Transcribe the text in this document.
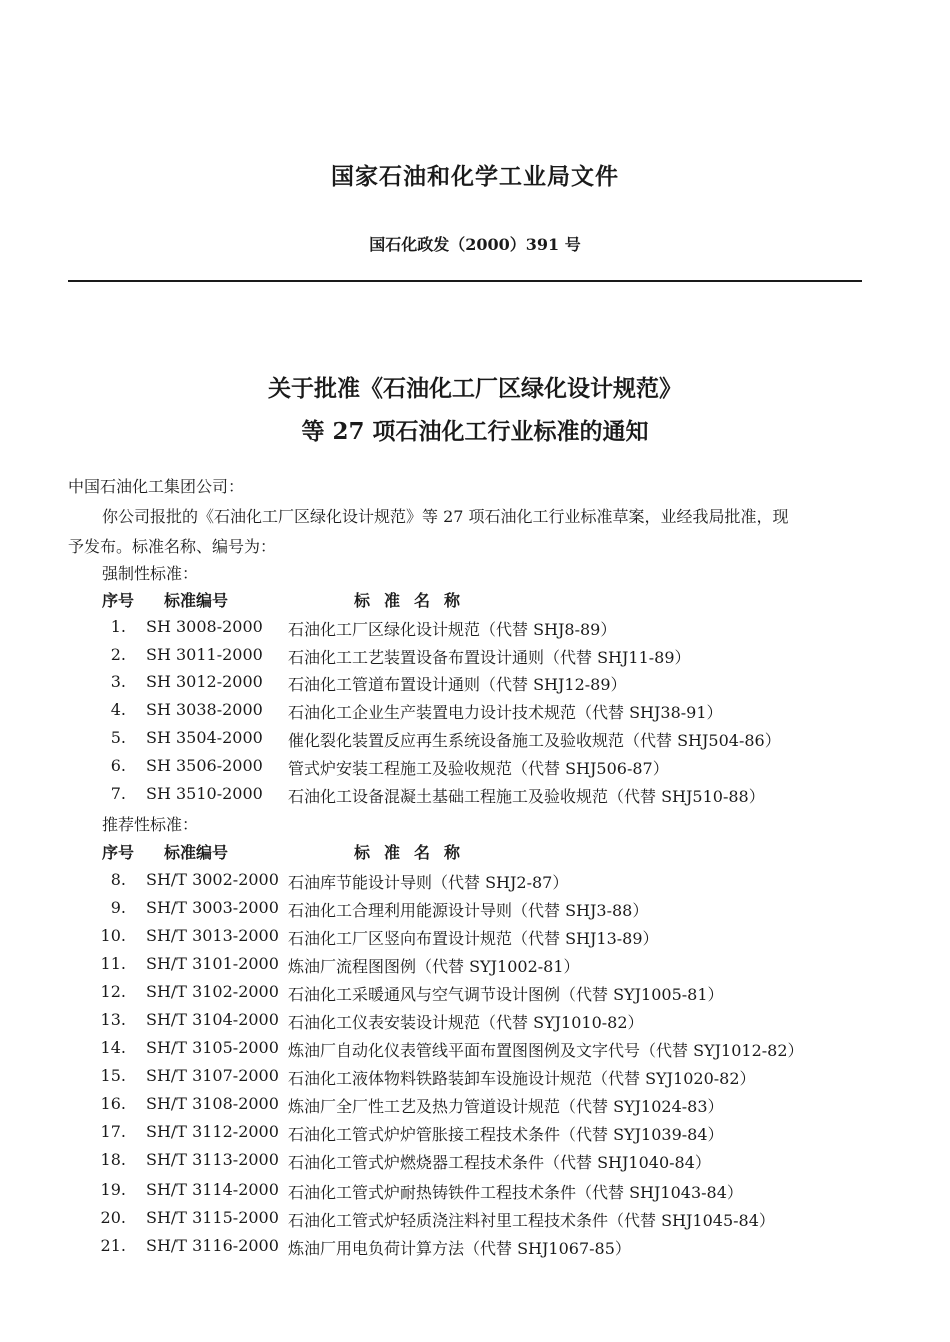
国家石油和化学工业局文件
国石化政发（2000）391 号
关于批准《石油化工厂区绿化设计规范》
等 27 项石油化工行业标准的通知
中国石油化工集团公司：
你公司报批的《石油化工厂区绿化设计规范》等 27 项石油化工行业标准草案，业经我局批准，现
予发布。标准名称、编号为：
强制性标准：
序号 标准编号	标准名称
1. SH 3008-2000 石油化工厂区绿化设计规范（代替 SHJ8-89）
2. SH 3011-2000 石油化工工艺装置设备布置设计通则（代替 SHJ11-89）
3. SH 3012-2000 石油化工管道布置设计通则（代替 SHJ12-89）
4. SH 3038-2000 石油化工企业生产装置电力设计技术规范（代替 SHJ38-91）
5. SH 3504-2000 催化裂化装置反应再生系统设备施工及验收规范（代替 SHJ504-86）
6. SH 3506-2000 管式炉安装工程施工及验收规范（代替 SHJ506-87）
7. SH 3510-2000 石油化工设备混凝土基础工程施工及验收规范（代替 SHJ510-88）
推荐性标准：
序号 标准编号	标准名称
8. SH/T 3002-2000 石油库节能设计导则（代替 SHJ2-87）
9. SH/T 3003-2000 石油化工合理利用能源设计导则（代替 SHJ3-88）
10. SH/T 3013-2000 石油化工厂区竖向布置设计规范（代替 SHJ13-89）
11. SH/T 3101-2000 炼油厂流程图图例（代替 SYJ1002-81）
12. SH/T 3102-2000 石油化工采暖通风与空气调节设计图例（代替 SYJ1005-81）
13. SH/T 3104-2000 石油化工仪表安装设计规范（代替 SYJ1010-82）
14. SH/T 3105-2000 炼油厂自动化仪表管线平面布置图图例及文字代号（代替 SYJ1012-82）
15. SH/T 3107-2000 石油化工液体物料铁路装卸车设施设计规范（代替 SYJ1020-82）
16. SH/T 3108-2000 炼油厂全厂性工艺及热力管道设计规范（代替 SYJ1024-83）
17. SH/T 3112-2000 石油化工管式炉炉管胀接工程技术条件（代替 SYJ1039-84）
18. SH/T 3113-2000 石油化工管式炉燃烧器工程技术条件（代替 SHJ1040-84）
19. SH/T 3114-2000 石油化工管式炉耐热铸铁件工程技术条件（代替 SHJ1043-84）
20. SH/T 3115-2000 石油化工管式炉轻质浇注料衬里工程技术条件（代替 SHJ1045-84）
21. SH/T 3116-2000 炼油厂用电负荷计算方法（代替 SHJ1067-85）
